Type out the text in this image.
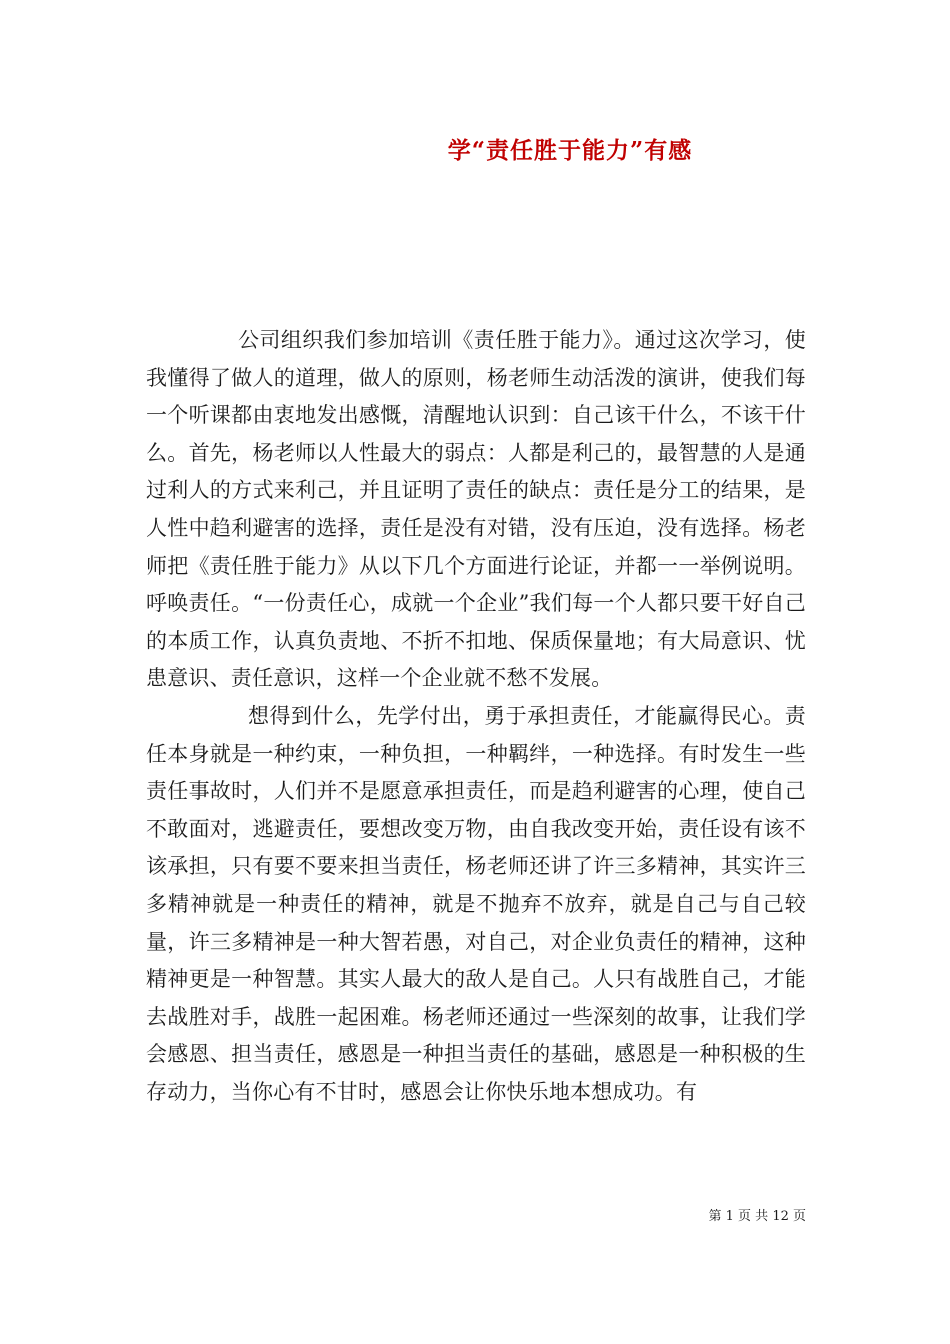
学“责任胜于能力”有感

公司组织我们参加培训《责任胜于能力》。通过这次学习，使我懂得了做人的道理，做人的原则，杨老师生动活泼的演讲，使我们每一个听课都由衷地发出感慨，清醒地认识到：自己该干什么，不该干什么。首先，杨老师以人性最大的弱点：人都是利己的，最智慧的人是通过利人的方式来利己，并且证明了责任的缺点：责任是分工的结果，是人性中趋利避害的选择，责任是没有对错，没有压迫，没有选择。杨老师把《责任胜于能力》从以下几个方面进行论证，并都一一举例说明。呼唤责任。“一份责任心，成就一个企业”我们每一个人都只要干好自己的本质工作，认真负责地、不折不扣地、保质保量地；有大局意识、忧患意识、责任意识，这样一个企业就不愁不发展。

想得到什么，先学付出，勇于承担责任，才能赢得民心。责任本身就是一种约束，一种负担，一种羁绊，一种选择。有时发生一些责任事故时，人们并不是愿意承担责任，而是趋利避害的心理，使自己不敢面对，逃避责任，要想改变万物，由自我改变开始，责任设有该不该承担，只有要不要来担当责任，杨老师还讲了许三多精神，其实许三多精神就是一种责任的精神，就是不抛弃不放弃，就是自己与自己较量，许三多精神是一种大智若愚，对自己，对企业负责任的精神，这种精神更是一种智慧。其实人最大的敌人是自己。人只有战胜自己，才能去战胜对手，战胜一起困难。杨老师还通过一些深刻的故事，让我们学会感恩、担当责任，感恩是一种担当责任的基础，感恩是一种积极的生存动力，当你心有不甘时，感恩会让你快乐地本想成功。有

第 1 页 共 12 页
